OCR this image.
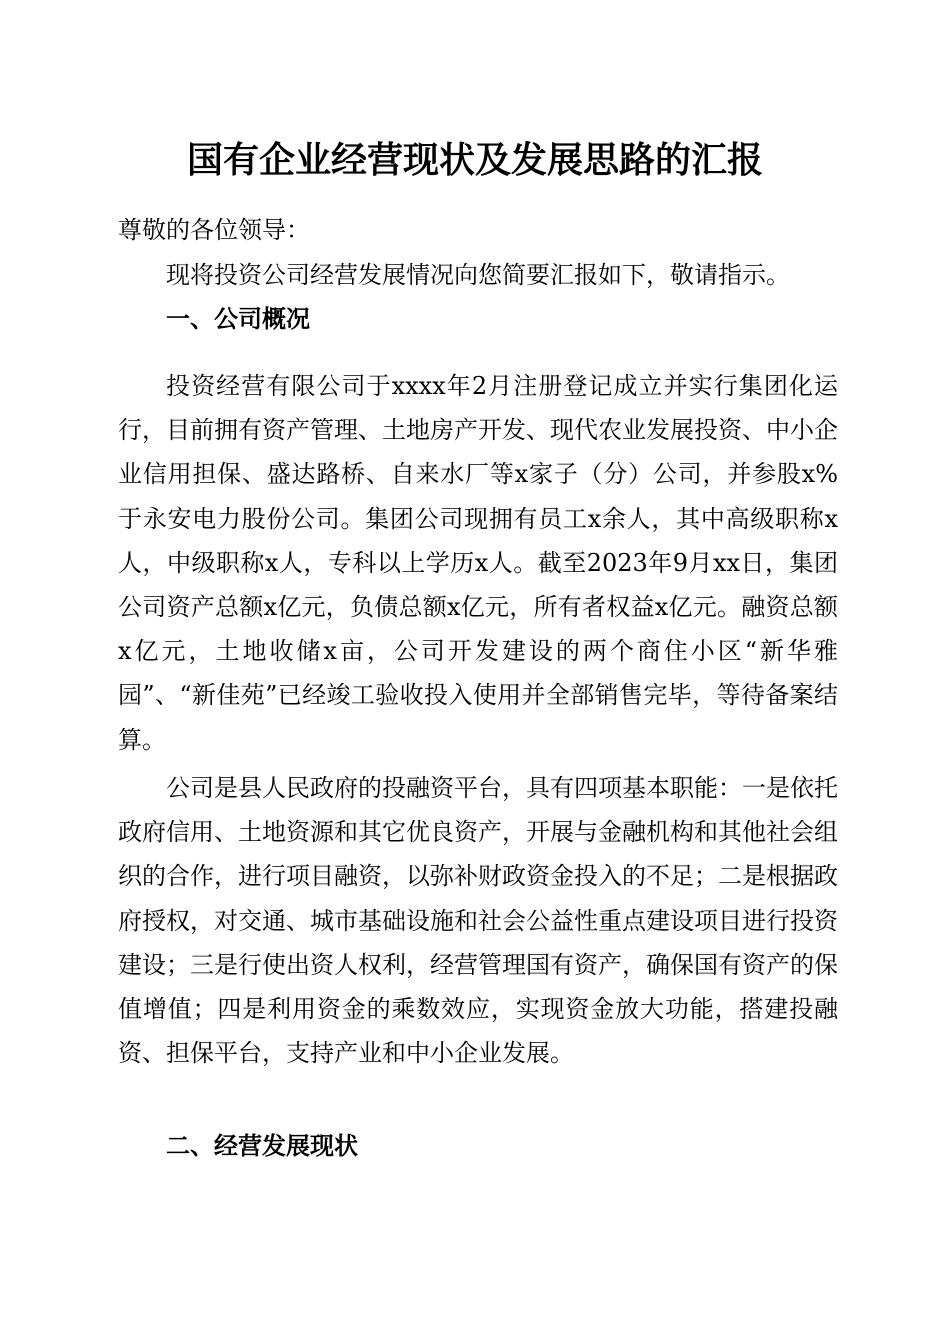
国有企业经营现状及发展思路的汇报

尊敬的各位领导：

现将投资公司经营发展情况向您简要汇报如下，敬请指示。

一、公司概况

投资经营有限公司于xxxx年2月注册登记成立并实行集团化运行，目前拥有资产管理、土地房产开发、现代农业发展投资、中小企业信用担保、盛达路桥、自来水厂等x家子（分）公司，并参股x%于永安电力股份公司。集团公司现拥有员工x余人，其中高级职称x人，中级职称x人，专科以上学历x人。截至2023年9月xx日，集团公司资产总额x亿元，负债总额x亿元，所有者权益x亿元。融资总额x亿元，土地收储x亩，公司开发建设的两个商住小区“新华雅园”、“新佳苑”已经竣工验收投入使用并全部销售完毕，等待备案结算。

公司是县人民政府的投融资平台，具有四项基本职能：一是依托政府信用、土地资源和其它优良资产，开展与金融机构和其他社会组织的合作，进行项目融资，以弥补财政资金投入的不足；二是根据政府授权，对交通、城市基础设施和社会公益性重点建设项目进行投资建设；三是行使出资人权利，经营管理国有资产，确保国有资产的保值增值；四是利用资金的乘数效应，实现资金放大功能，搭建投融资、担保平台，支持产业和中小企业发展。

二、经营发展现状
